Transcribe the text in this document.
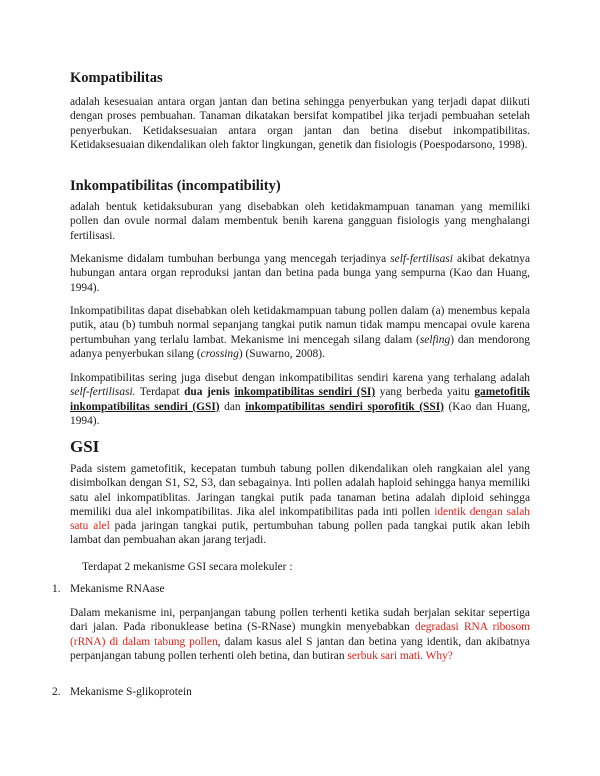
Kompatibilitas

adalah kesesuaian antara organ jantan dan betina sehingga penyerbukan yang terjadi dapat diikuti dengan proses pembuahan. Tanaman dikatakan bersifat kompatibel jika terjadi pembuahan setelah penyerbukan. Ketidaksesuaian antara organ jantan dan betina disebut inkompatibilitas. Ketidaksesuaian dikendalikan oleh faktor lingkungan, genetik dan fisiologis (Poespodarsono, 1998).

Inkompatibilitas (incompatibility)

adalah bentuk ketidaksuburan yang disebabkan oleh ketidakmampuan tanaman yang memiliki pollen dan ovule normal dalam membentuk benih karena gangguan fisiologis yang menghalangi fertilisasi.

Mekanisme didalam tumbuhan berbunga yang mencegah terjadinya self-fertilisasi akibat dekatnya hubungan antara organ reproduksi jantan dan betina pada bunga yang sempurna (Kao dan Huang, 1994).

Inkompatibilitas dapat disebabkan oleh ketidakmampuan tabung pollen dalam (a) menembus kepala putik, atau (b) tumbuh normal sepanjang tangkai putik namun tidak mampu mencapai ovule karena pertumbuhan yang terlalu lambat. Mekanisme ini mencegah silang dalam (selfing) dan mendorong adanya penyerbukan silang (crossing) (Suwarno, 2008).

Inkompatibilitas sering juga disebut dengan inkompatibilitas sendiri karena yang terhalang adalah self-fertilisasi. Terdapat dua jenis inkompatibilitas sendiri (SI) yang berbeda yaitu gametofitik inkompatibilitas sendiri (GSI) dan inkompatibilitas sendiri sporofitik (SSI) (Kao dan Huang, 1994).

GSI

Pada sistem gametofitik, kecepatan tumbuh tabung pollen dikendalikan oleh rangkaian alel yang disimbolkan dengan S1, S2, S3, dan sebagainya. Inti pollen adalah haploid sehingga hanya memiliki satu alel inkompatiblitas. Jaringan tangkai putik pada tanaman betina adalah diploid sehingga memiliki dua alel inkompatibilitas. Jika alel inkompatibilitas pada inti pollen identik dengan salah satu alel pada jaringan tangkai putik, pertumbuhan tabung pollen pada tangkai putik akan lebih lambat dan pembuahan akan jarang terjadi.

Terdapat 2 mekanisme GSI secara molekuler :

1. Mekanisme RNAase

Dalam mekanisme ini, perpanjangan tabung pollen terhenti ketika sudah berjalan sekitar sepertiga dari jalan. Pada ribonuklease betina (S-RNase) mungkin menyebabkan degradasi RNA ribosom (rRNA) di dalam tabung pollen, dalam kasus alel S jantan dan betina yang identik, dan akibatnya perpanjangan tabung pollen terhenti oleh betina, dan butiran serbuk sari mati. Why?

2. Mekanisme S-glikoprotein
